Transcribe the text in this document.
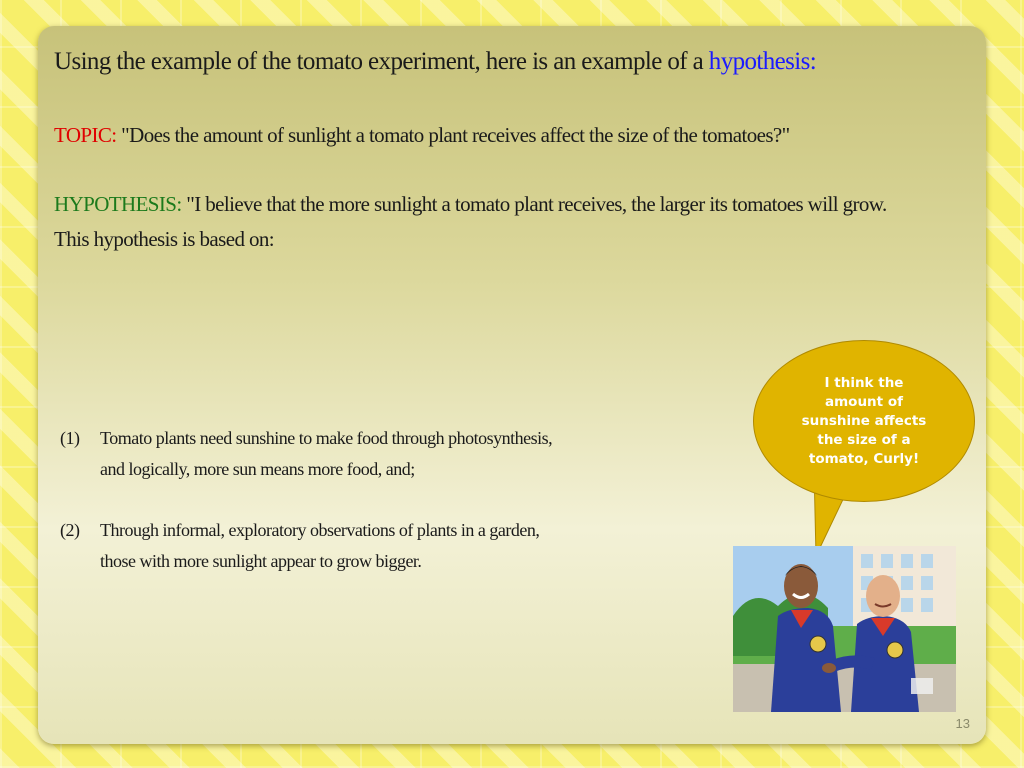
Using the example of the tomato experiment, here is an example of a hypothesis:

TOPIC: "Does the amount of sunlight a tomato plant receives affect the size of the tomatoes?"

HYPOTHESIS: "I believe that the more sunlight a tomato plant receives, the larger its tomatoes will grow.

This hypothesis is based on:

(1)	Tomato plants need sunshine to make food through photosynthesis,
and logically, more sun means more food, and;
(2)	Through informal, exploratory observations of plants in a garden,
those with more sunlight appear to grow bigger.
I think the amount of sunshine affects the size of a tomato, Curly!
13
